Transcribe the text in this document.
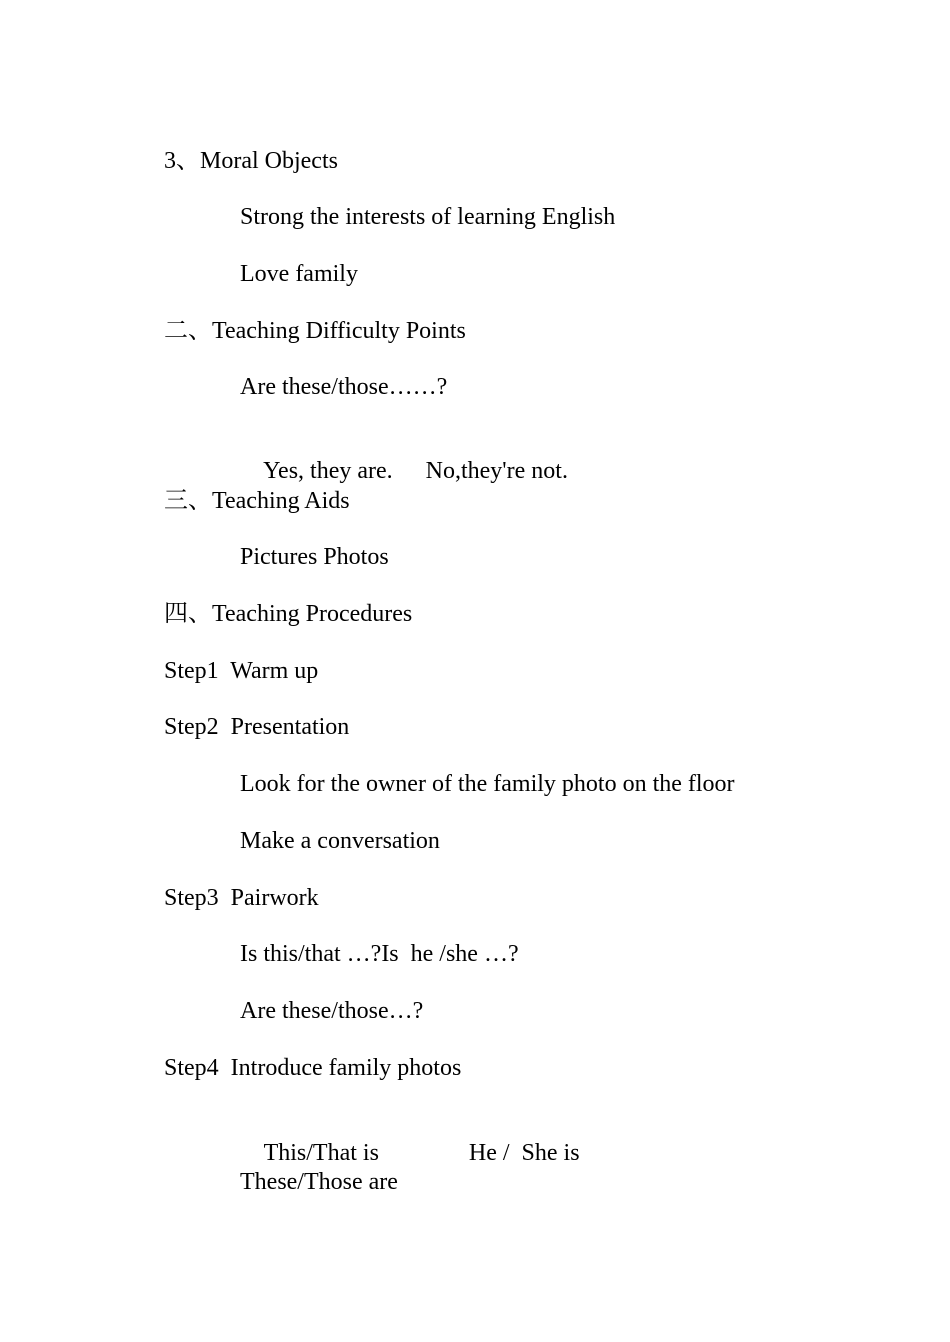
3、Moral Objects
Strong the interests of learning English
Love family
二、Teaching Difficulty Points
Are these/those……?

Yes, they are. No,they're not.

三、Teaching Aids
Pictures Photos
四、Teaching Procedures
Step1  Warm up
Step2  Presentation
Look for the owner of the family photo on the floor
Make a conversation
Step3  Pairwork
Is this/that …?Is  he /she …?
Are these/those…?
Step4  Introduce family photos

This/That is	He /  She is

These/Those are
